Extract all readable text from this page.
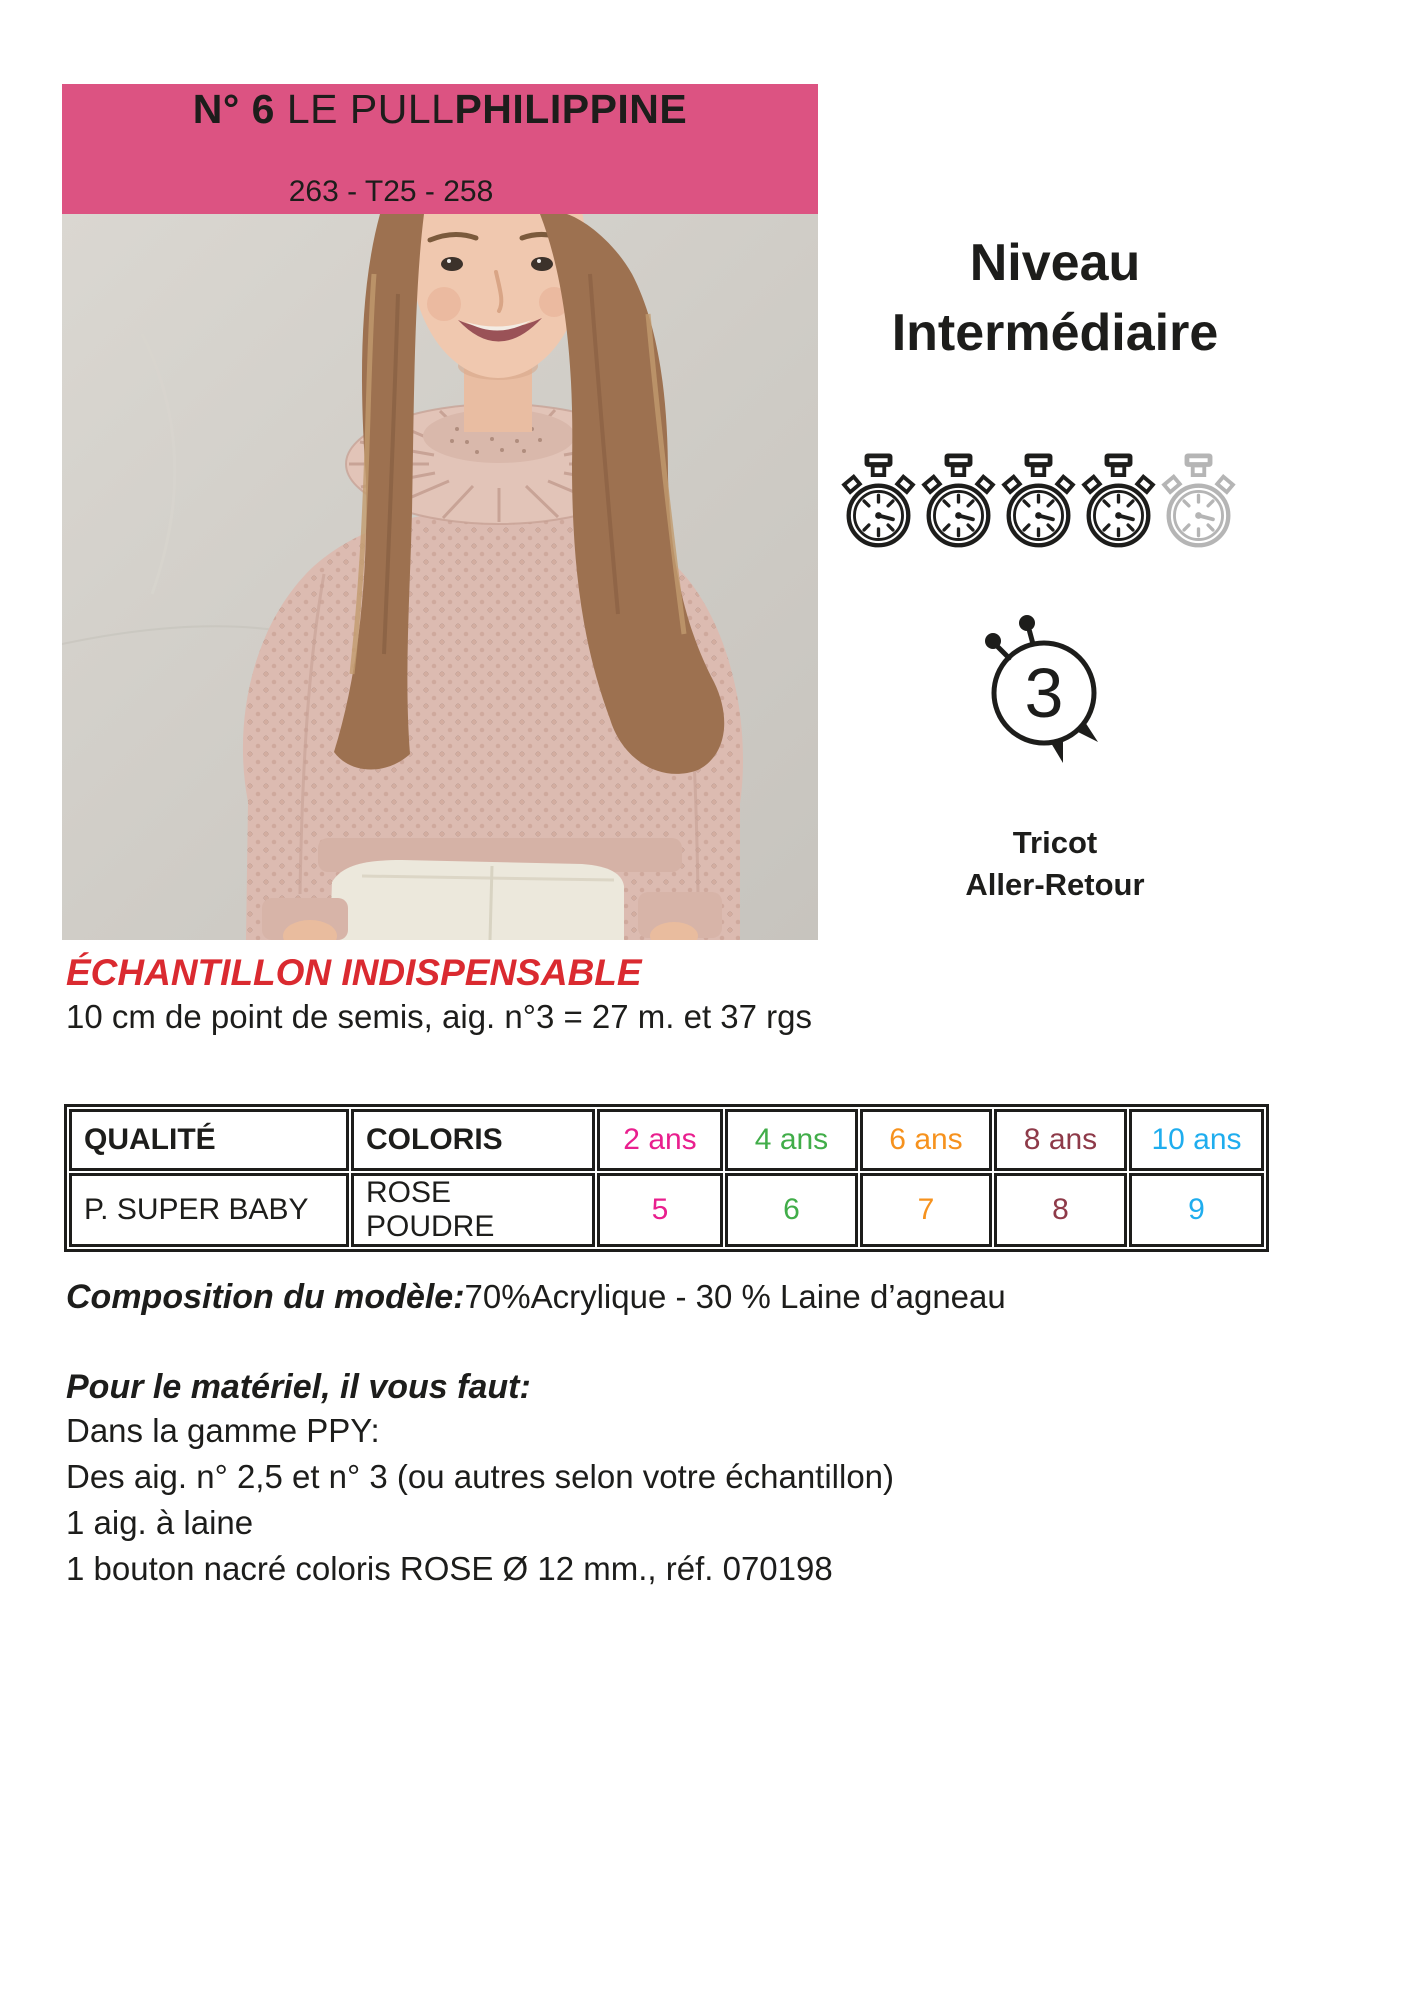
N° 6 LE PULLPHILIPPINE
263 - T25 - 258
Niveau
Intermédiaire
3
Tricot
Aller-Retour
ÉCHANTILLON INDISPENSABLE
10 cm de point de semis, aig. n°3 = 27 m. et 37 rgs
QUALITÉ	COLORIS	2 ans	4 ans	6 ans	8 ans	10 ans
P. SUPER BABY	ROSE POUDRE	5	6	7	8	9
Composition du modèle:70%Acrylique - 30 % Laine d’agneau
Pour le matériel, il vous faut:
Dans la gamme PPY:
Des aig. n° 2,5 et n° 3 (ou autres selon votre échantillon)
1 aig. à laine
1 bouton nacré coloris ROSE Ø 12 mm., réf. 070198
